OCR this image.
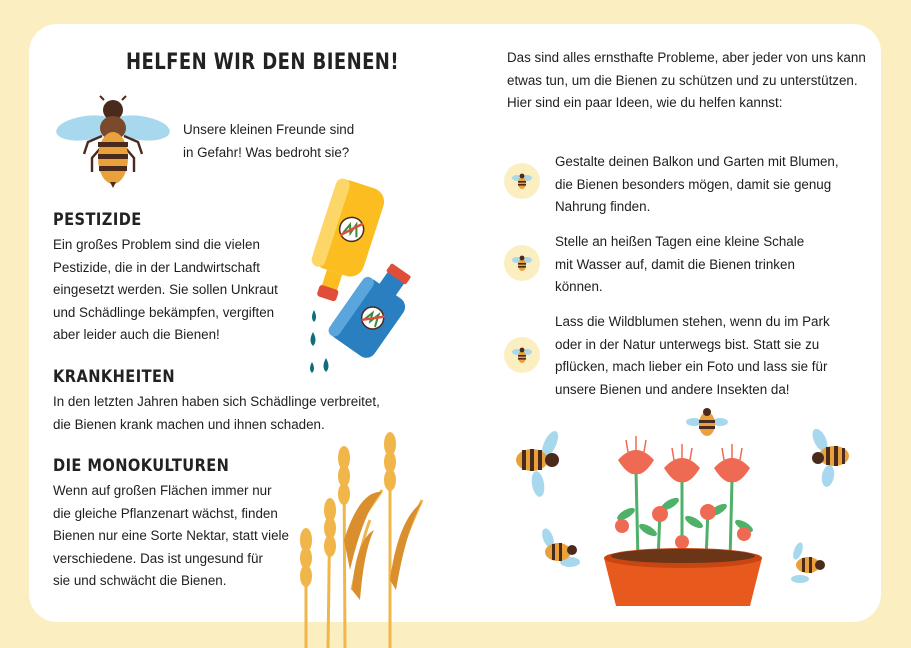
HELFEN WIR DEN BIENEN!
Unsere kleinen Freunde sind
in Gefahr! Was bedroht sie?
PESTIZIDE
Ein großes Problem sind die vielen
Pestizide, die in der Landwirtschaft
eingesetzt werden. Sie sollen Unkraut
und Schädlinge bekämpfen, vergiften
aber leider auch die Bienen!
KRANKHEITEN
In den letzten Jahren haben sich Schädlinge verbreitet,
die Bienen krank machen und ihnen schaden.
DIE MONOKULTUREN
Wenn auf großen Flächen immer nur
die gleiche Pflanzenart wächst, finden
Bienen nur eine Sorte Nektar, statt viele
verschiedene. Das ist ungesund für
sie und schwächt die Bienen.
Das sind alles ernsthafte Probleme, aber jeder von uns kann
etwas tun, um die Bienen zu schützen und zu unterstützen.
Hier sind ein paar Ideen, wie du helfen kannst:
Gestalte deinen Balkon und Garten mit Blumen,
die Bienen besonders mögen, damit sie genug
Nahrung finden.
Stelle an heißen Tagen eine kleine Schale
mit Wasser auf, damit die Bienen trinken
können.
Lass die Wildblumen stehen, wenn du im Park
oder in der Natur unterwegs bist. Statt sie zu
pflücken, mach lieber ein Foto und lass sie für
unsere Bienen und andere Insekten da!
